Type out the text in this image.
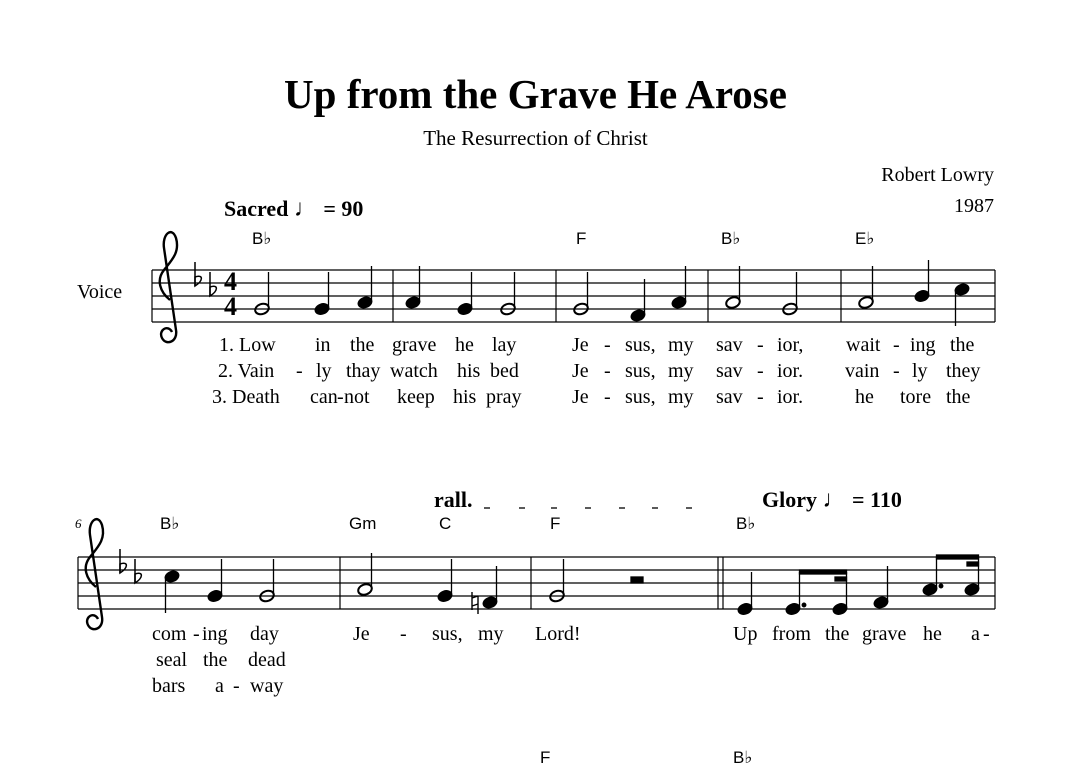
Up from the Grave He Arose
The Resurrection of Christ
Robert Lowry
1987
Sacred ♩ = 90
Voice
B♭	F	B♭	E♭
1. Low in the grave he lay	Je - sus, my sav - ior, wait - ing the
2. Vain - ly thay watch his bed	Je - sus, my sav - ior. vain - ly they
3. Death can - not keep his pray	Je - sus, my sav - ior.	he tore the
rall.	Glory ♩ = 110
6	B♭	Gm	C	F	B♭
com - ing day	Je - sus, my Lord!	Up from the grave he a -
seal the dead
bars a - way
F	B♭
4
4
